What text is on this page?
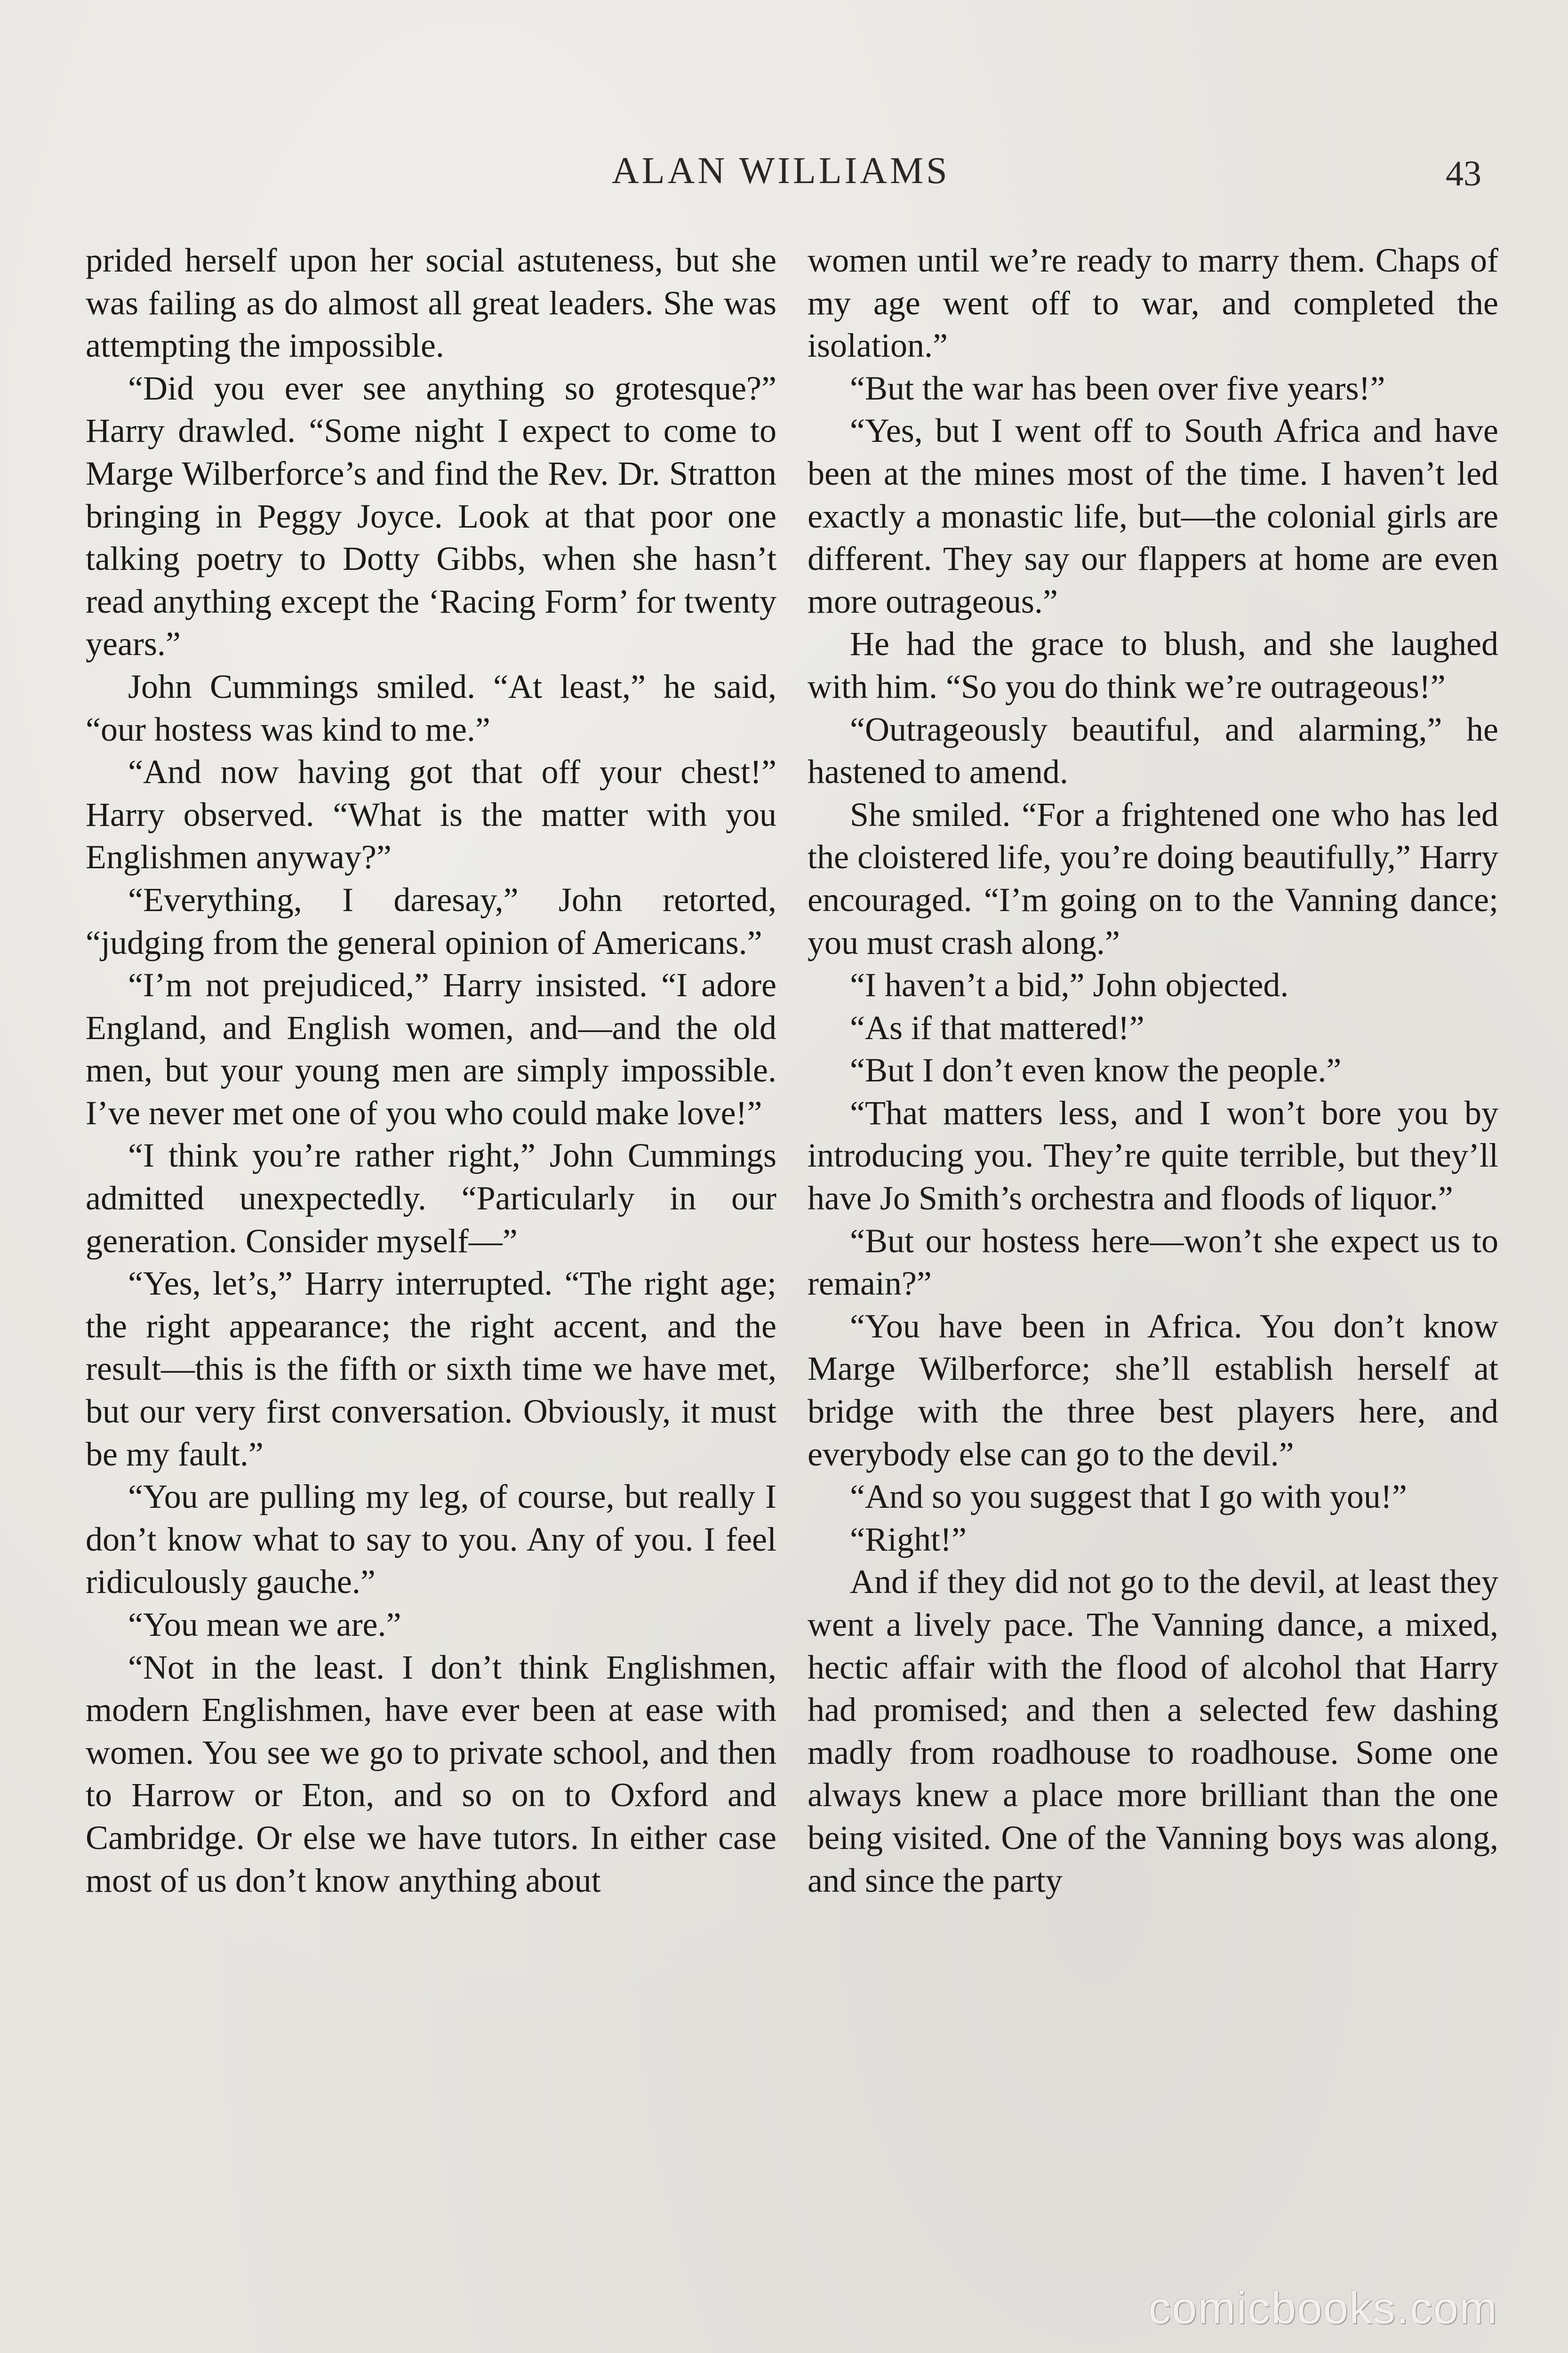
ALAN WILLIAMS	43

prided herself upon her social astuteness, but she was failing as do almost all great leaders. She was attempting the impossible.

“Did you ever see anything so grotesque?” Harry drawled. “Some night I expect to come to Marge Wilberforce’s and find the Rev. Dr. Stratton bringing in Peggy Joyce. Look at that poor one talking poetry to Dotty Gibbs, when she hasn’t read anything except the ‘Racing Form’ for twenty years.”

John Cummings smiled. “At least,” he said, “our hostess was kind to me.”

“And now having got that off your chest!” Harry observed. “What is the matter with you Englishmen anyway?”

“Everything, I daresay,” John retorted, “judging from the general opinion of Americans.”

“I’m not prejudiced,” Harry insisted. “I adore England, and English women, and—and the old men, but your young men are simply impossible. I’ve never met one of you who could make love!”

“I think you’re rather right,” John Cummings admitted unexpectedly. “Particularly in our generation. Consider myself—”

“Yes, let’s,” Harry interrupted. “The right age; the right appearance; the right accent, and the result—this is the fifth or sixth time we have met, but our very first conversation. Obviously, it must be my fault.”

“You are pulling my leg, of course, but really I don’t know what to say to you. Any of you. I feel ridiculously gauche.”

“You mean we are.”

“Not in the least. I don’t think Englishmen, modern Englishmen, have ever been at ease with women. You see we go to private school, and then to Harrow or Eton, and so on to Oxford and Cambridge. Or else we have tutors. In either case most of us don’t know anything about

women until we’re ready to marry them. Chaps of my age went off to war, and completed the isolation.”

“But the war has been over five years!”

“Yes, but I went off to South Africa and have been at the mines most of the time. I haven’t led exactly a monastic life, but—the colonial girls are different. They say our flappers at home are even more outrageous.”

He had the grace to blush, and she laughed with him. “So you do think we’re outrageous!”

“Outrageously beautiful, and alarming,” he hastened to amend.

She smiled. “For a frightened one who has led the cloistered life, you’re doing beautifully,” Harry encouraged. “I’m going on to the Vanning dance; you must crash along.”

“I haven’t a bid,” John objected.

“As if that mattered!”

“But I don’t even know the people.”

“That matters less, and I won’t bore you by introducing you. They’re quite terrible, but they’ll have Jo Smith’s orchestra and floods of liquor.”

“But our hostess here—won’t she expect us to remain?”

“You have been in Africa. You don’t know Marge Wilberforce; she’ll establish herself at bridge with the three best players here, and everybody else can go to the devil.”

“And so you suggest that I go with you!”

“Right!”

And if they did not go to the devil, at least they went a lively pace. The Vanning dance, a mixed, hectic affair with the flood of alcohol that Harry had promised; and then a selected few dashing madly from roadhouse to roadhouse. Some one always knew a place more brilliant than the one being visited. One of the Vanning boys was along, and since the party

comicbooks.com
